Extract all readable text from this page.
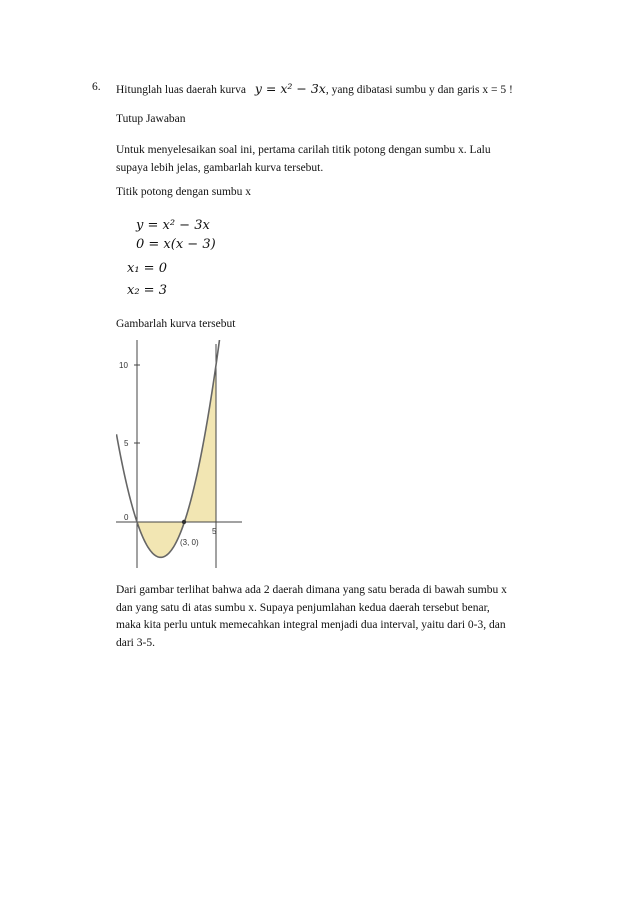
6. Hitunglah luas daerah kurva y = x² − 3x, yang dibatasi sumbu y dan garis x = 5 !
Tutup Jawaban
Untuk menyelesaikan soal ini, pertama carilah titik potong dengan sumbu x. Lalu
supaya lebih jelas, gambarlah kurva tersebut.
Titik potong dengan sumbu x
y = x² − 3x
0 = x(x − 3)
x₁ = 0
x₂ = 3
Gambarlah kurva tersebut
10
5
0
5
(3, 0)
Dari gambar terlihat bahwa ada 2 daerah dimana yang satu berada di bawah sumbu x
dan yang satu di atas sumbu x. Supaya penjumlahan kedua daerah tersebut benar,
maka kita perlu untuk memecahkan integral menjadi dua interval, yaitu dari 0-3, dan
dari 3-5.
